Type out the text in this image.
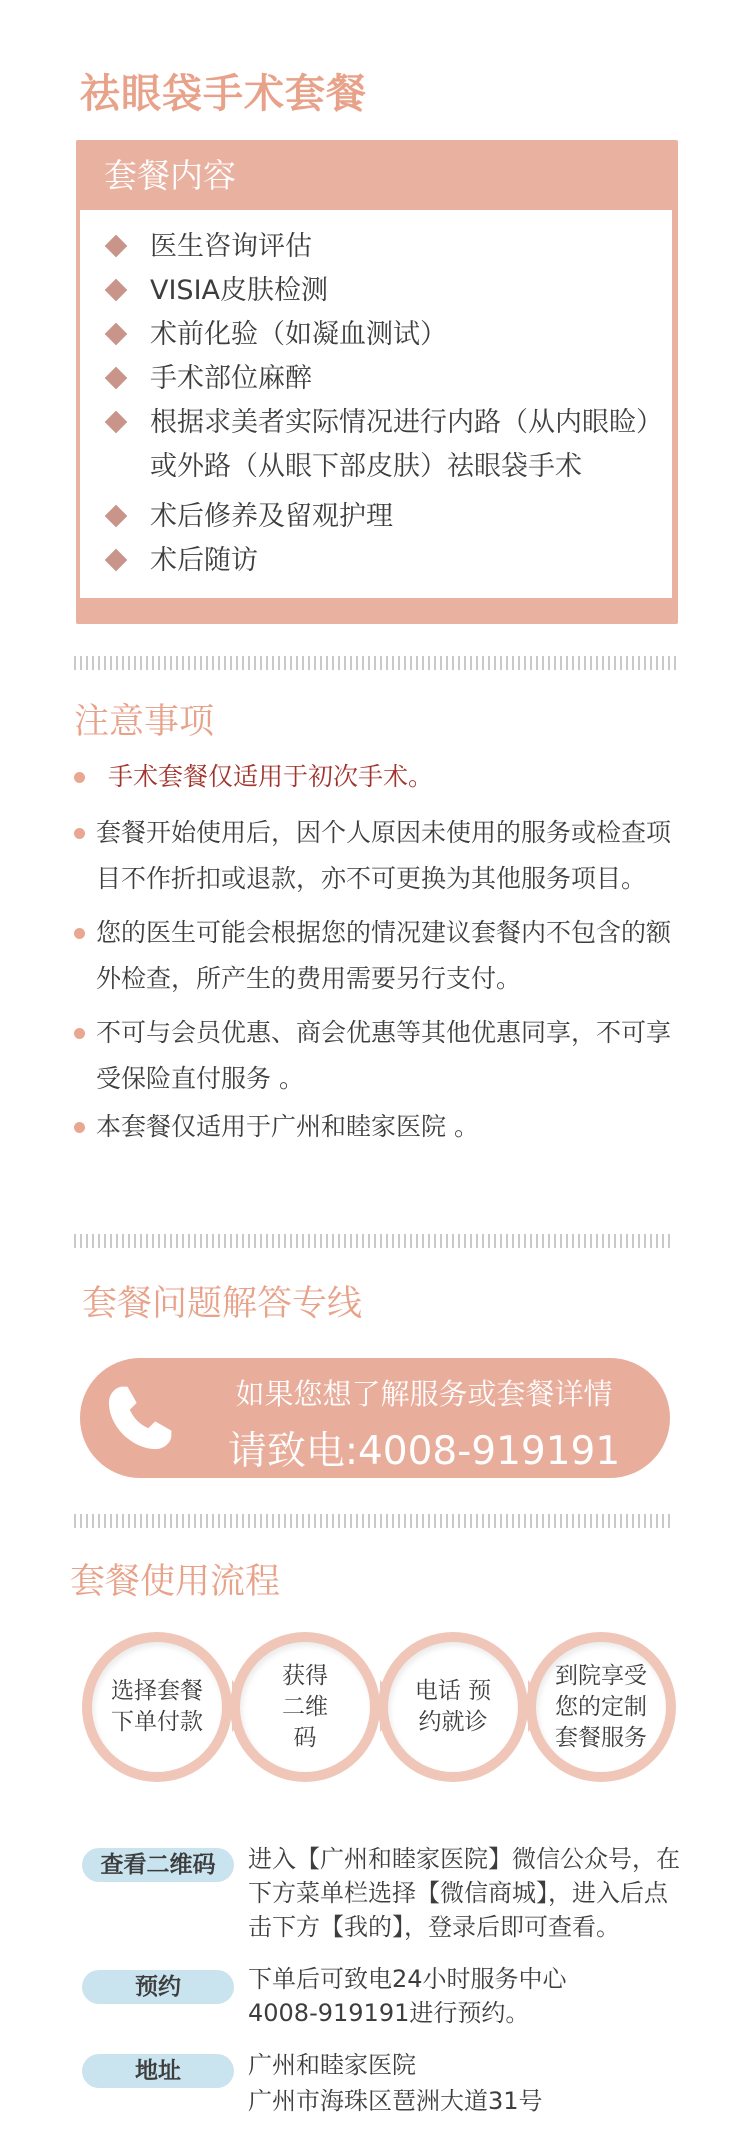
祛眼袋手术套餐
套餐内容
医生咨询评估
VISIA皮肤检测
术前化验（如凝血测试）
手术部位麻醉
根据求美者实际情况进行内路（从内眼睑）或外路（从眼下部皮肤）祛眼袋手术
术后修养及留观护理
术后随访
注意事项
手术套餐仅适用于初次手术。
套餐开始使用后，因个人原因未使用的服务或检查项目不作折扣或退款，亦不可更换为其他服务项目。
您的医生可能会根据您的情况建议套餐内不包含的额外检查，所产生的费用需要另行支付。
不可与会员优惠、商会优惠等其他优惠同享，不可享受保险直付服务 。
本套餐仅适用于广州和睦家医院 。
套餐问题解答专线
如果您想了解服务或套餐详情
请致电:4008-919191
套餐使用流程
选择套餐下单付款
获得二维码
电话 预约就诊
到院享受您的定制套餐服务
查看二维码	进入【广州和睦家医院】微信公众号，在下方菜单栏选择【微信商城】，进入后点击下方【我的】，登录后即可查看。
预约	下单后可致电24小时服务中心4008-919191进行预约。
地址	广州和睦家医院
广州市海珠区琶洲大道31号
